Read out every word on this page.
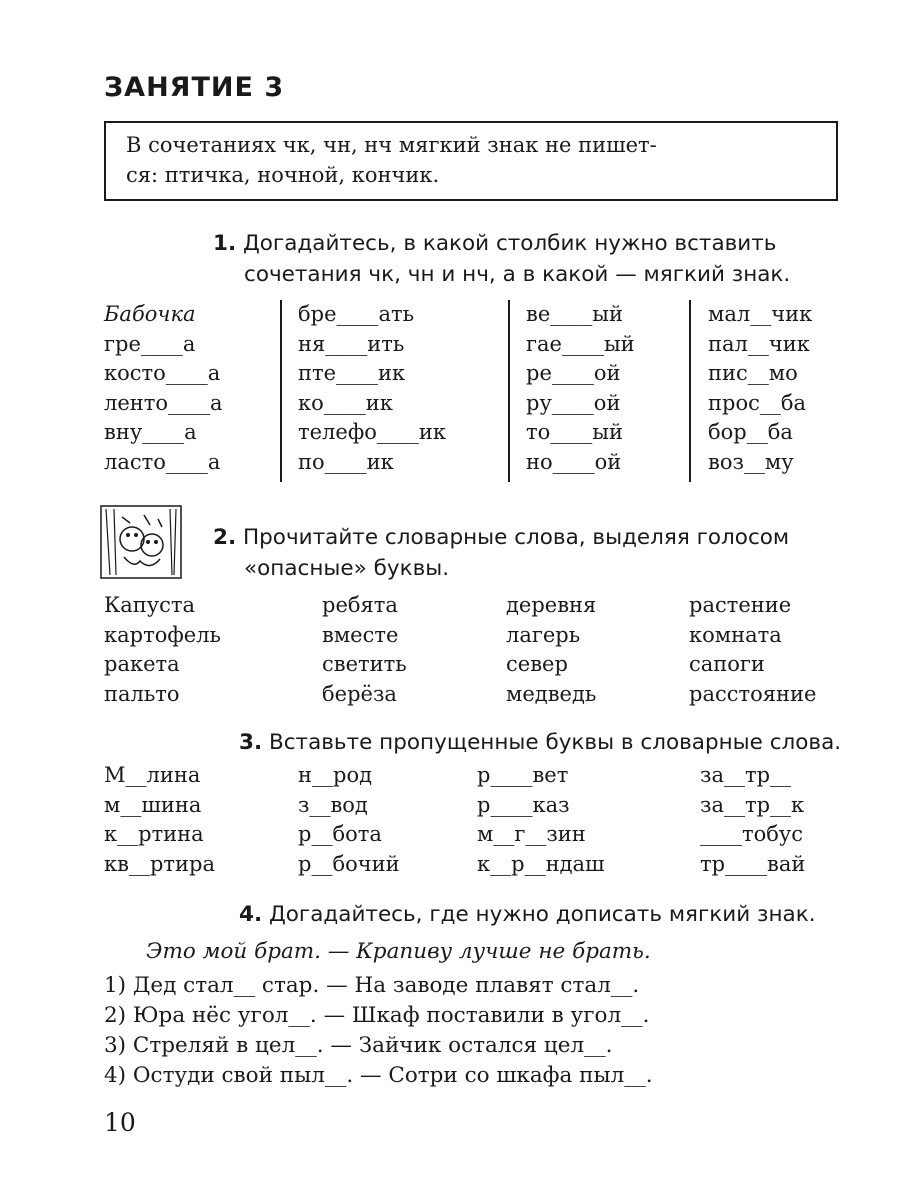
ЗАНЯТИЕ 3
В сочетаниях чк, чн, нч мягкий знак не пишет-
ся: птичка, ночной, кончик.
1. Догадайтесь, в какой столбик нужно вставить
сочетания чк, чн и нч, а в какой — мягкий знак.
Бабочка
гре____а
косто____а
ленто____а
вну____а
ласто____а
бре____ать
ня____ить
пте____ик
ко____ик
телефо____ик
по____ик
ве____ый
гае____ый
ре____ой
ру____ой
то____ый
но____ой
мал__чик
пал__чик
пис__мо
прос__ба
бор__ба
воз__му
2. Прочитайте словарные слова, выделяя голосом
«опасные» буквы.
Капуста
картофель
ракета
пальто
ребята
вместе
светить
берёза
деревня
лагерь
север
медведь
растение
комната
сапоги
расстояние
3. Вставьте пропущенные буквы в словарные слова.
М__лина
м__шина
к__ртина
кв__ртира
н__род
з__вод
р__бота
р__бочий
р____вет
р____каз
м__г__зин
к__р__ндаш
за__тр__
за__тр__к
____тобус
тр____вай
4. Догадайтесь, где нужно дописать мягкий знак.
Это мой брат. — Крапиву лучше не брать.
1) Дед стал__ стар. — На заводе плавят стал__.
2) Юра нёс угол__. — Шкаф поставили в угол__.
3) Стреляй в цел__. — Зайчик остался цел__.
4) Остуди свой пыл__. — Сотри со шкафа пыл__.
10
